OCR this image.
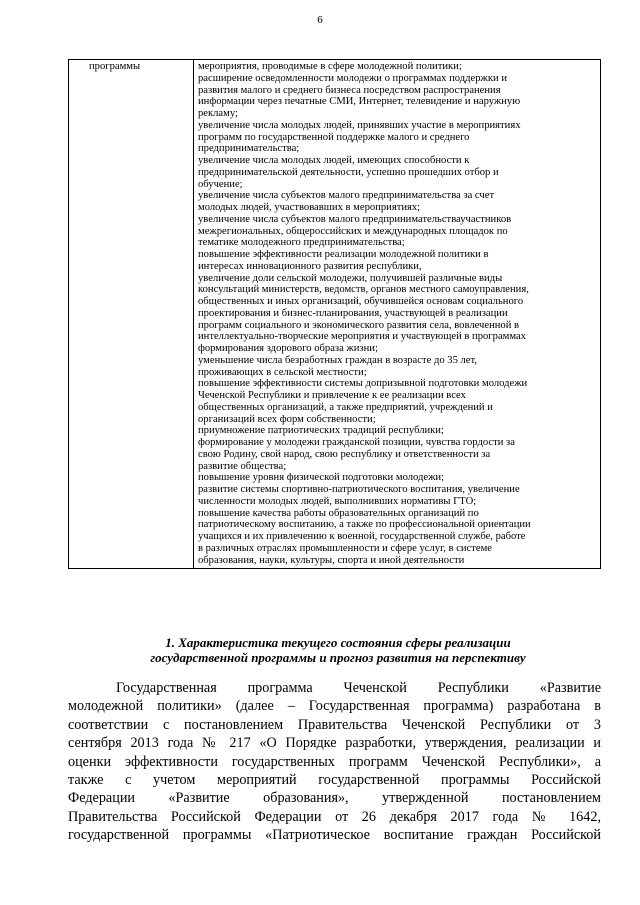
6
программы	мероприятия, проводимые в сфере молодежной политики;
расширение осведомленности молодежи о программах поддержки и
развития малого и среднего бизнеса посредством распространения
информации через печатные СМИ, Интернет, телевидение и наружную
рекламу;
увеличение числа молодых людей, принявших участие в мероприятиях
программ по государственной поддержке малого и среднего
предпринимательства;
увеличение числа молодых людей, имеющих способности к
предпринимательской деятельности, успешно прошедших отбор и
обучение;
увеличение числа субъектов малого предпринимательства за счет
молодых людей, участвовавших в мероприятиях;
увеличение числа субъектов малого предпринимательстваучастников
межрегиональных, общероссийских и международных площадок по
тематике молодежного предпринимательства;
повышение эффективности реализации молодежной политики в
интересах инновационного развития республики,
увеличение доли сельской молодежи, получившей различные виды
консультаций министерств, ведомств, органов местного самоуправления,
общественных и иных организаций, обучившейся основам социального
проектирования и бизнес-планирования, участвующей в реализации
программ социального и экономического развития села, вовлеченной в
интеллектуально-творческие мероприятия и участвующей в программах
формирования здорового образа жизни;
уменьшение числа безработных граждан в возрасте до 35 лет,
проживающих в сельской местности;
повышение эффективности системы допризывной подготовки молодежи
Чеченской Республики и привлечение к ее реализации всех
общественных организаций, а также предприятий, учреждений и
организаций всех форм собственности;
приумножение патриотических традиций республики;
формирование у молодежи гражданской позиции, чувства гордости за
свою Родину, свой народ, свою республику и ответственности за
развитие общества;
повышение уровня физической подготовки молодежи;
развитие системы спортивно-патриотического воспитания, увеличение
численности молодых людей, выполнивших нормативы ГТО;
повышение качества работы образовательных организаций по
патриотическому воспитанию, а также по профессиональной ориентации
учащихся и их привлечению к военной, государственной службе, работе
в различных отраслях промышленности и сфере услуг, в системе
образования, науки, культуры, спорта и иной деятельности
1. Характеристика текущего состояния сферы реализации
государственной программы и прогноз развития на перспективу
Государственная программа Чеченской Республики «Развитие
молодежной политики» (далее – Государственная программа) разработана в
соответствии с постановлением Правительства Чеченской Республики от 3
сентября 2013 года № 217 «О Порядке разработки, утверждения, реализации и
оценки эффективности государственных программ Чеченской Республики», а
также с учетом мероприятий государственной программы Российской
Федерации «Развитие образования», утвержденной постановлением
Правительства Российской Федерации от 26 декабря 2017 года № 1642,
государственной программы «Патриотическое воспитание граждан Российской
